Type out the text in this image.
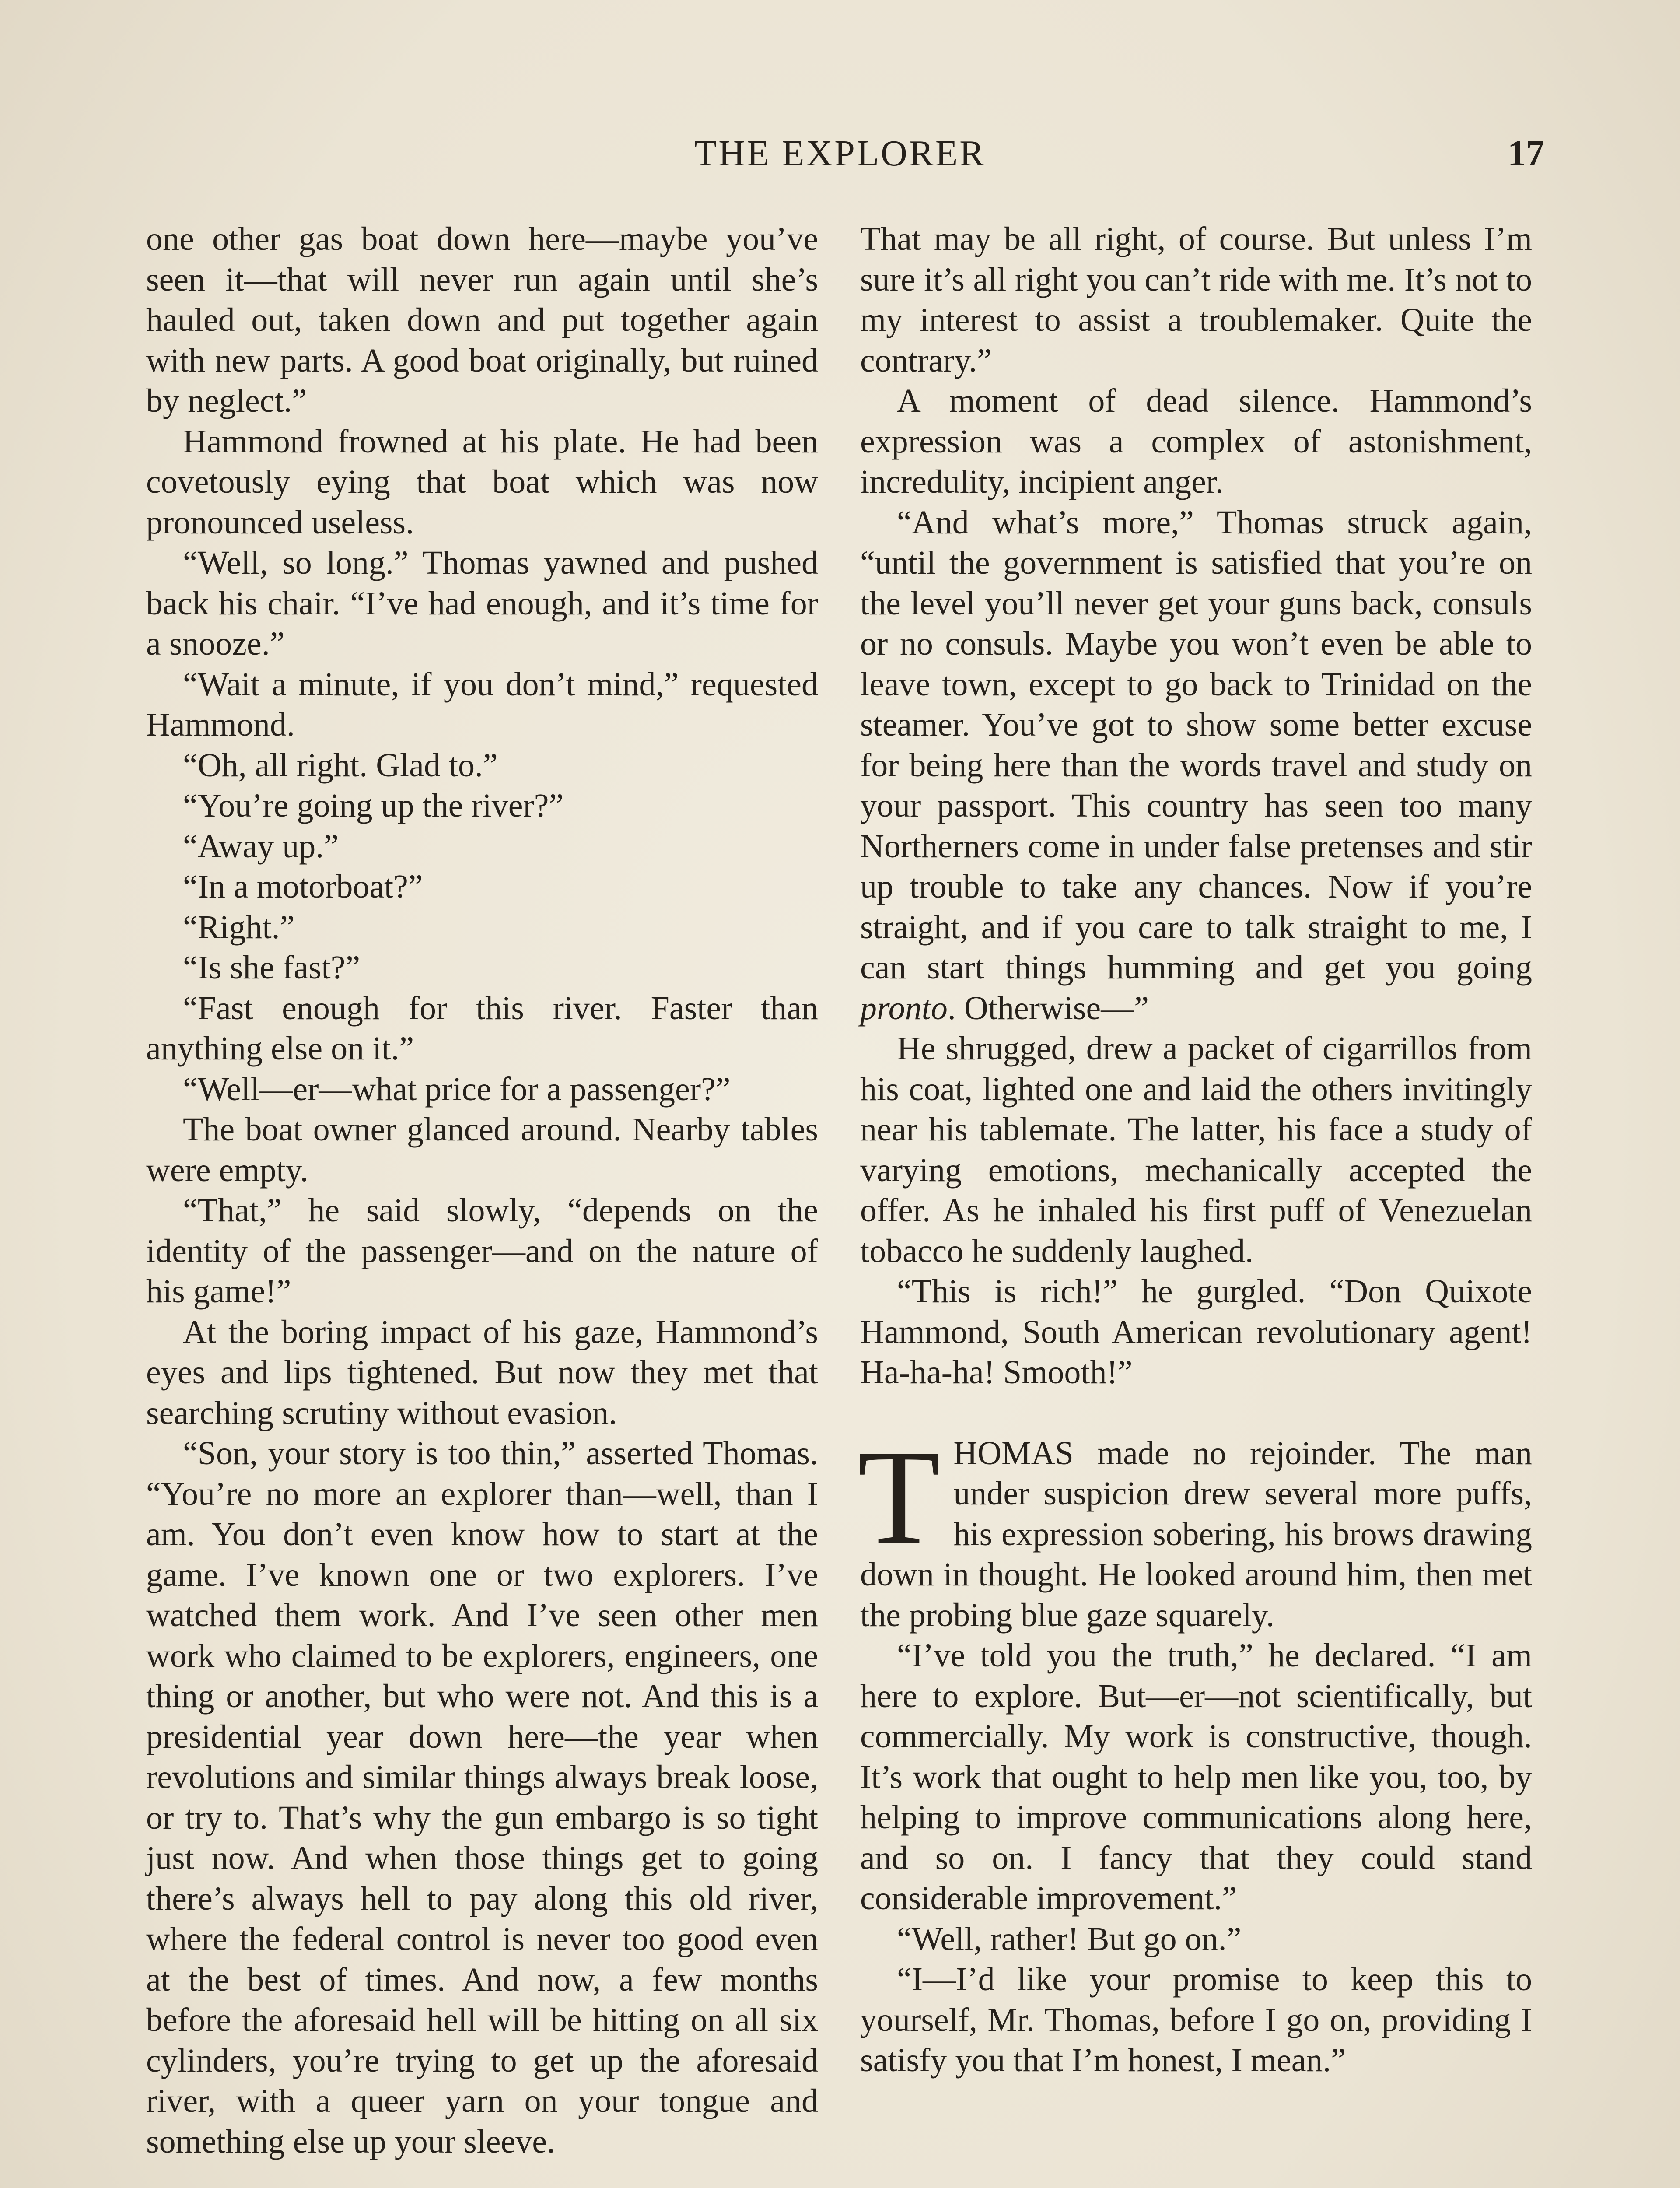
THE EXPLORER	17

one other gas boat down here—maybe you’ve seen it—that will never run again until she’s hauled out, taken down and put together again with new parts. A good boat originally, but ruined by neglect.”

Hammond frowned at his plate. He had been covetously eying that boat which was now pronounced useless.

“Well, so long.” Thomas yawned and pushed back his chair. “I’ve had enough, and it’s time for a snooze.”

“Wait a minute, if you don’t mind,” requested Hammond.

“Oh, all right. Glad to.”

“You’re going up the river?”

“Away up.”

“In a motorboat?”

“Right.”

“Is she fast?”

“Fast enough for this river. Faster than anything else on it.”

“Well—er—what price for a passenger?”

The boat owner glanced around. Nearby tables were empty.

“That,” he said slowly, “depends on the identity of the passenger—and on the nature of his game!”

At the boring impact of his gaze, Hammond’s eyes and lips tightened. But now they met that searching scrutiny without evasion.

“Son, your story is too thin,” asserted Thomas. “You’re no more an explorer than—well, than I am. You don’t even know how to start at the game. I’ve known one or two explorers. I’ve watched them work. And I’ve seen other men work who claimed to be explorers, engineers, one thing or another, but who were not. And this is a presidential year down here—the year when revolutions and similar things always break loose, or try to. That’s why the gun embargo is so tight just now. And when those things get to going there’s always hell to pay along this old river, where the federal control is never too good even at the best of times. And now, a few months before the aforesaid hell will be hitting on all six cylinders, you’re trying to get up the aforesaid river, with a queer yarn on your tongue and something else up your sleeve.

That may be all right, of course. But unless I’m sure it’s all right you can’t ride with me. It’s not to my interest to assist a troublemaker. Quite the contrary.”

A moment of dead silence. Hammond’s expression was a complex of astonishment, incredulity, incipient anger.

“And what’s more,” Thomas struck again, “until the government is satisfied that you’re on the level you’ll never get your guns back, consuls or no consuls. Maybe you won’t even be able to leave town, except to go back to Trinidad on the steamer. You’ve got to show some better excuse for being here than the words travel and study on your passport. This country has seen too many Northerners come in under false pretenses and stir up trouble to take any chances. Now if you’re straight, and if you care to talk straight to me, I can start things humming and get you going pronto. Otherwise—”

He shrugged, drew a packet of cigarrillos from his coat, lighted one and laid the others invitingly near his tablemate. The latter, his face a study of varying emotions, mechanically accepted the offer. As he inhaled his first puff of Venezuelan tobacco he suddenly laughed.

“This is rich!” he gurgled. “Don Quixote Hammond, South American revolutionary agent! Ha-ha-ha! Smooth!”

THOMAS made no rejoinder. The man under suspicion drew several more puffs, his expression sobering, his brows drawing down in thought. He looked around him, then met the probing blue gaze squarely.

“I’ve told you the truth,” he declared. “I am here to explore. But—er—not scientifically, but commercially. My work is constructive, though. It’s work that ought to help men like you, too, by helping to improve communications along here, and so on. I fancy that they could stand considerable improvement.”

“Well, rather! But go on.”

“I—I’d like your promise to keep this to yourself, Mr. Thomas, before I go on, providing I satisfy you that I’m honest, I mean.”
